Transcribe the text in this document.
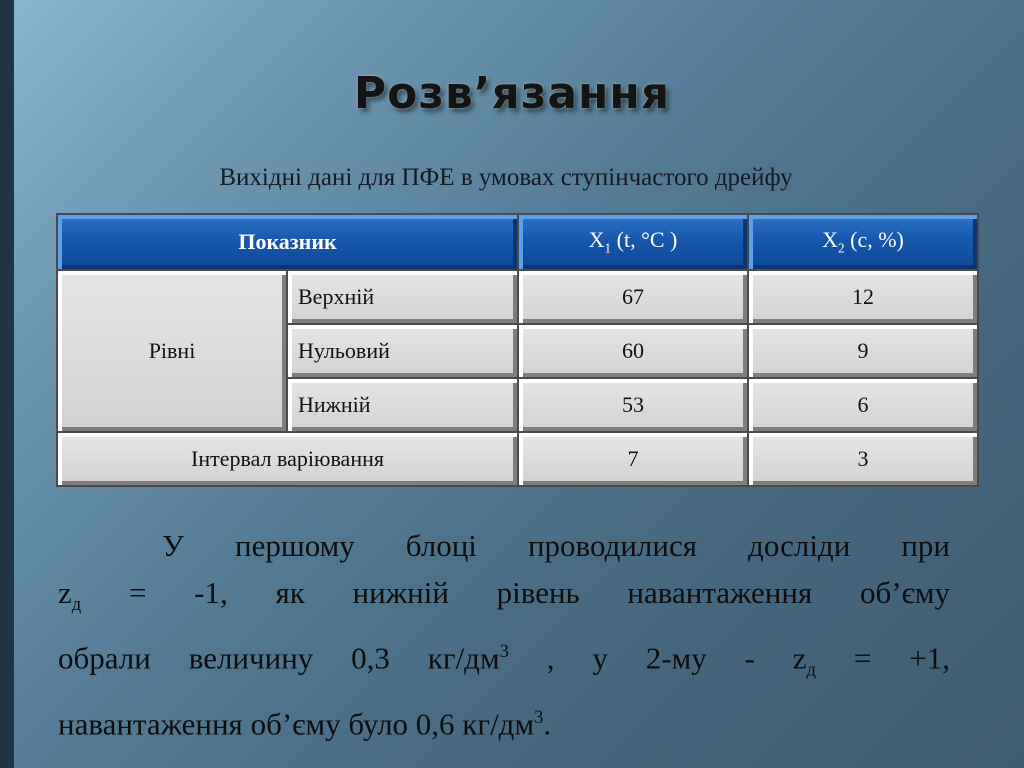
Розв’язання
Вихідні дані для ПФЕ в умовах ступінчастого дрейфу
Показник		$X_1$ (t, °C )	$X_2$ (c, %)
Рівні	Верхній	67	12
	Нульовий	60	9
	Нижній	53	6
Інтервал варіювання		7	3
У першому блоці проводилися досліди при
$z_д = -1$, як нижній рівень навантаження об’єму
обрали величину 0,3 $кг/дм^3$ , у $2-му - z_д = +1$,
навантаження об’єму було 0,6 $кг/дм^3$.
